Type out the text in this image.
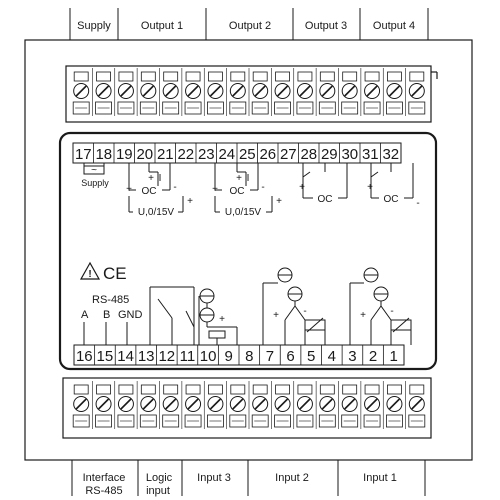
Supply	Output 1	Output 2	Output 3 Output 4
17 18 19 20 21 22 23 24 25 26 27 28 29 30 31 32
16 15 14 13 12 11 10 9 8 7 6 5 4 3 2 1
~
Supply	I
+
+ OC -
+
U,0/15V
I
+
+ OC -
+
U,0/15V
+
OC
+
OC -
! CE
RS-485
A B GND	+	+ -	+ -
Interface
RS-485
Logic
input
Input 3	Input 2	Input 1
